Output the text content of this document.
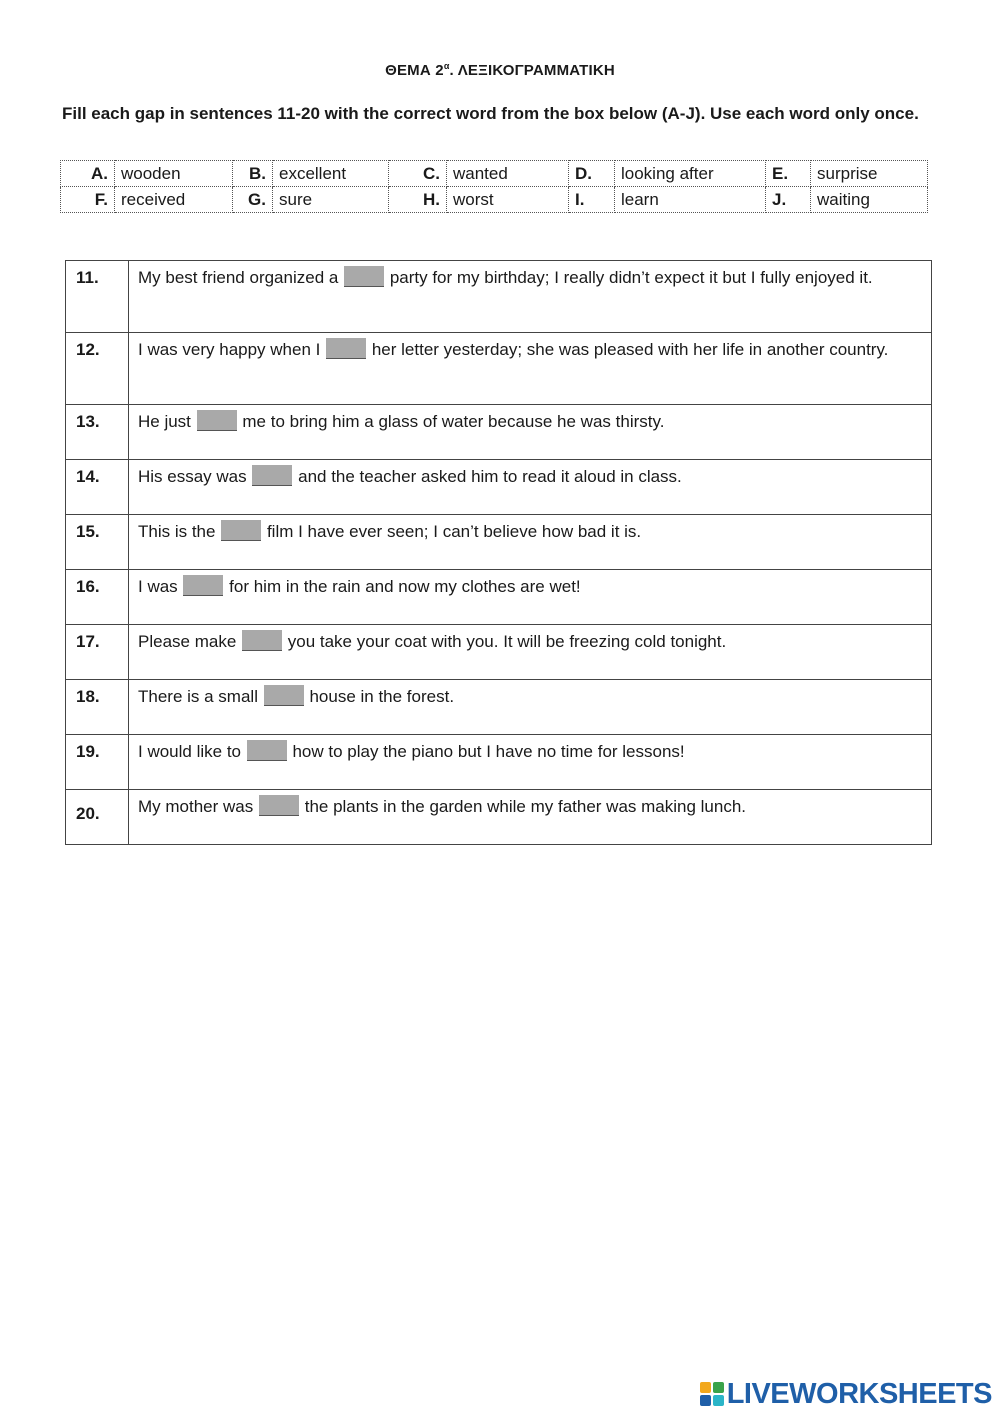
ΘΕΜΑ $2^\alpha$. ΛΕΞΙΚΟΓΡΑΜΜΑΤΙΚΗ
Fill each gap in sentences 11-20 with the correct word from the box below (A-J). Use each word only once.
A.	wooden	B.	excellent	C.	wanted	D.	looking after	E.	surprise
F.	received	G.	sure	H.	worst	I.	learn	J.	waiting
11.	My best friend organized a party for my birthday; I really didn’t expect it but I fully enjoyed it.
12.	I was very happy when I her letter yesterday; she was pleased with her life in another country.
13.	He just me to bring him a glass of water because he was thirsty.
14.	His essay was and the teacher asked him to read it aloud in class.
15.	This is the film I have ever seen; I can’t believe how bad it is.
16.	I was for him in the rain and now my clothes are wet!
17.	Please make you take your coat with you. It will be freezing cold tonight.
18.	There is a small house in the forest.
19.	I would like to how to play the piano but I have no time for lessons!
20.	My mother was the plants in the garden while my father was making lunch.
LIVEWORKSHEETS
